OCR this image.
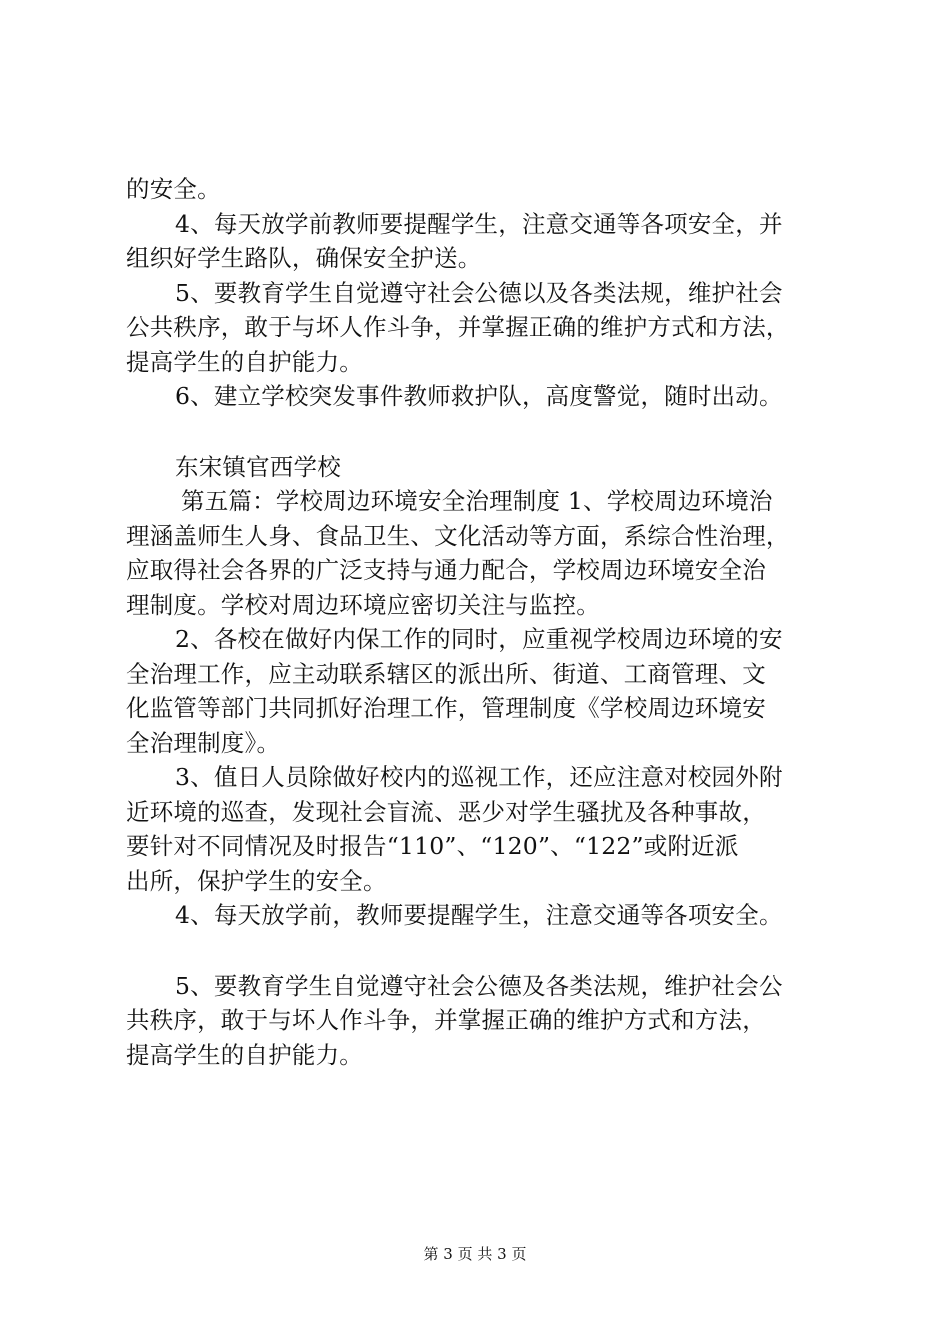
的安全。
4、每天放学前教师要提醒学生，注意交通等各项安全，并
组织好学生路队，确保安全护送。
5、要教育学生自觉遵守社会公德以及各类法规，维护社会
公共秩序，敢于与坏人作斗争，并掌握正确的维护方式和方法，
提高学生的自护能力。
6、建立学校突发事件教师救护队，高度警觉，随时出动。
东宋镇官西学校
第五篇：学校周边环境安全治理制度 1、学校周边环境治
理涵盖师生人身、食品卫生、文化活动等方面，系综合性治理，
应取得社会各界的广泛支持与通力配合，学校周边环境安全治
理制度。学校对周边环境应密切关注与监控。
2、各校在做好内保工作的同时，应重视学校周边环境的安
全治理工作，应主动联系辖区的派出所、街道、工商管理、文
化监管等部门共同抓好治理工作，管理制度《学校周边环境安
全治理制度》。
3、值日人员除做好校内的巡视工作，还应注意对校园外附
近环境的巡查，发现社会盲流、恶少对学生骚扰及各种事故，
要针对不同情况及时报告“110”、“120”、“122”或附近派
出所，保护学生的安全。
4、每天放学前，教师要提醒学生，注意交通等各项安全。
5、要教育学生自觉遵守社会公德及各类法规，维护社会公
共秩序，敢于与坏人作斗争，并掌握正确的维护方式和方法，
提高学生的自护能力。
第 3 页 共 3 页
